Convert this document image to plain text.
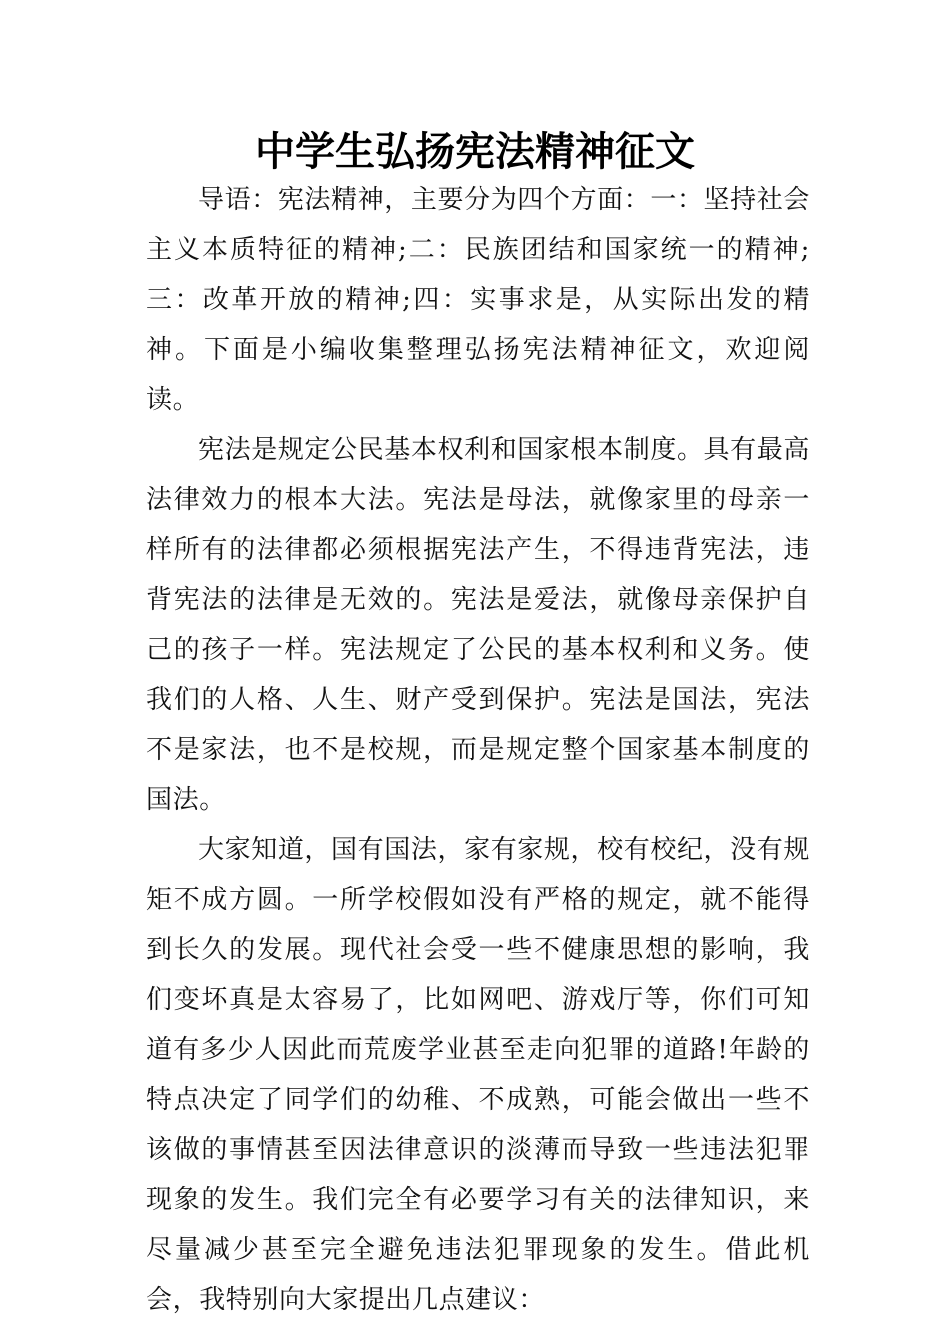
中学生弘扬宪法精神征文

导语：宪法精神，主要分为四个方面：一：坚持社会主义本质特征的精神;二：民族团结和国家统一的精神;三：改革开放的精神;四：实事求是，从实际出发的精神。下面是小编收集整理弘扬宪法精神征文，欢迎阅读。

宪法是规定公民基本权利和国家根本制度。具有最高法律效力的根本大法。宪法是母法，就像家里的母亲一样所有的法律都必须根据宪法产生，不得违背宪法，违背宪法的法律是无效的。宪法是爱法，就像母亲保护自己的孩子一样。宪法规定了公民的基本权利和义务。使我们的人格、人生、财产受到保护。宪法是国法，宪法不是家法，也不是校规，而是规定整个国家基本制度的国法。

大家知道，国有国法，家有家规，校有校纪，没有规矩不成方圆。一所学校假如没有严格的规定，就不能得到长久的发展。现代社会受一些不健康思想的影响，我们变坏真是太容易了，比如网吧、游戏厅等，你们可知道有多少人因此而荒废学业甚至走向犯罪的道路!年龄的特点决定了同学们的幼稚、不成熟，可能会做出一些不该做的事情甚至因法律意识的淡薄而导致一些违法犯罪现象的发生。我们完全有必要学习有关的法律知识，来尽量减少甚至完全避免违法犯罪现象的发生。借此机会，我特别向大家提出几点建议：
